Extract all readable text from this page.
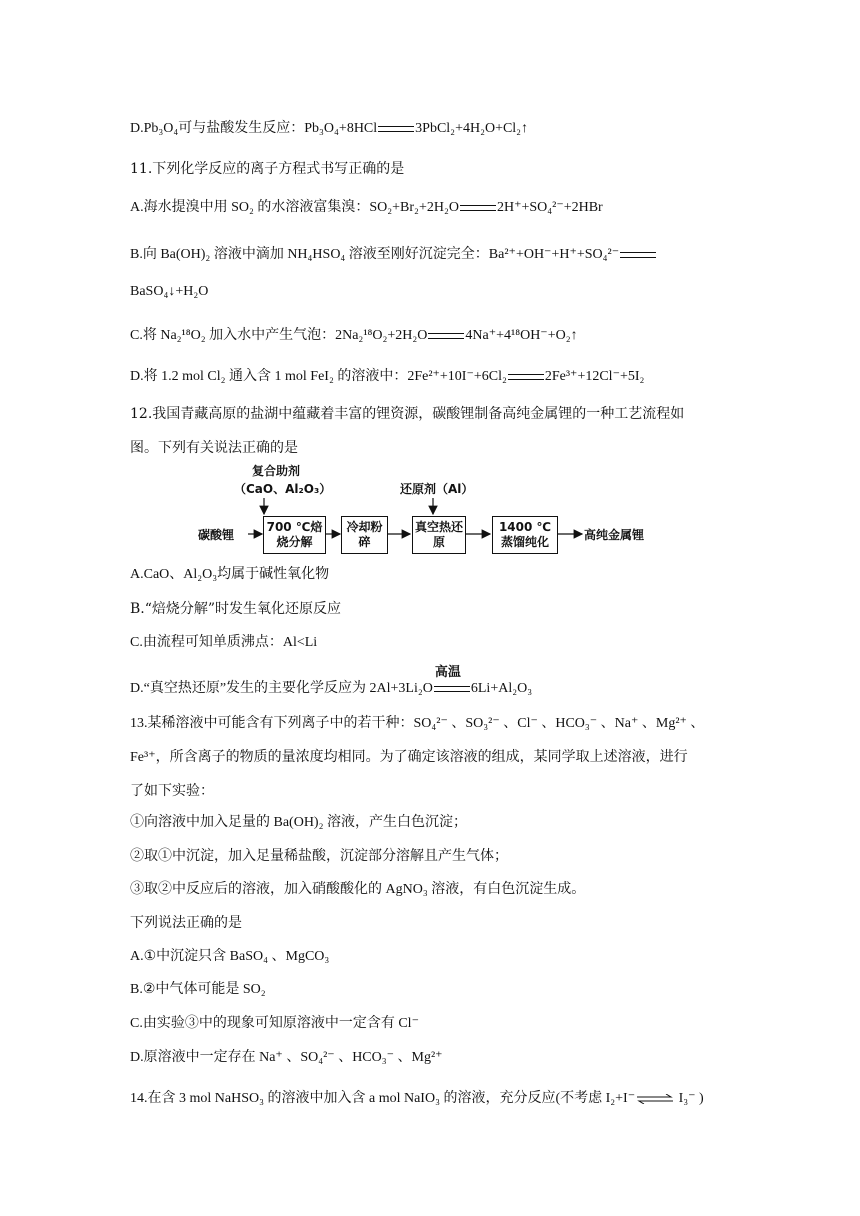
D.Pb₃O₄可与盐酸发生反应：Pb₃O₄+8HCl	3PbCl₂+4H₂O+Cl₂↑
11.下列化学反应的离子方程式书写正确的是
A.海水提溴中用 SO₂ 的水溶液富集溴：SO₂+Br₂+2H₂O	2H⁺+SO₄²⁻+2HBr
B.向 Ba(OH)₂ 溶液中滴加 NH₄HSO₄ 溶液至刚好沉淀完全：Ba²⁺+OH⁻+H⁺+SO₄²⁻
BaSO₄↓+H₂O
C.将 Na₂¹⁸O₂ 加入水中产生气泡：2Na₂¹⁸O₂+2H₂O	4Na⁺+4¹⁸OH⁻+O₂↑
D.将 1.2 mol Cl₂ 通入含 1 mol FeI₂ 的溶液中：2Fe²⁺+10I⁻+6Cl₂	2Fe³⁺+12Cl⁻+5I₂
12.我国青藏高原的盐湖中蕴藏着丰富的锂资源，碳酸锂制备高纯金属锂的一种工艺流程如
图。下列有关说法正确的是
复合助剂
（CaO、Al₂O₃）	还原剂（Al）
碳酸锂
700 ℃焙烧分解
冷却粉碎
真空热还原
1400 ℃蒸馏纯化	高纯金属锂
A.CaO、Al₂O₃均属于碱性氧化物
B.“焙烧分解”时发生氧化还原反应
C.由流程可知单质沸点：Al<Li
D.“真空热还原”发生的主要化学反应为 2Al+3Li₂O
高温
6Li+Al₂O₃
13.某稀溶液中可能含有下列离子中的若干种：SO₄²⁻ 、SO₃²⁻ 、Cl⁻ 、HCO₃⁻ 、Na⁺ 、Mg²⁺ 、
Fe³⁺，所含离子的物质的量浓度均相同。为了确定该溶液的组成，某同学取上述溶液，进行
了如下实验：
①向溶液中加入足量的 Ba(OH)₂ 溶液，产生白色沉淀；
②取①中沉淀，加入足量稀盐酸，沉淀部分溶解且产生气体；
③取②中反应后的溶液，加入硝酸酸化的 AgNO₃ 溶液，有白色沉淀生成。
下列说法正确的是
A.①中沉淀只含 BaSO₄ 、MgCO₃
B.②中气体可能是 SO₂
C.由实验③中的现象可知原溶液中一定含有 Cl⁻
D.原溶液中一定存在 Na⁺ 、SO₄²⁻ 、HCO₃⁻ 、Mg²⁺
14.在含 3 mol NaHSO₃ 的溶液中加入含 a mol NaIO₃ 的溶液，充分反应(不考虑 I₂+I⁻⇌ I₃⁻ )
